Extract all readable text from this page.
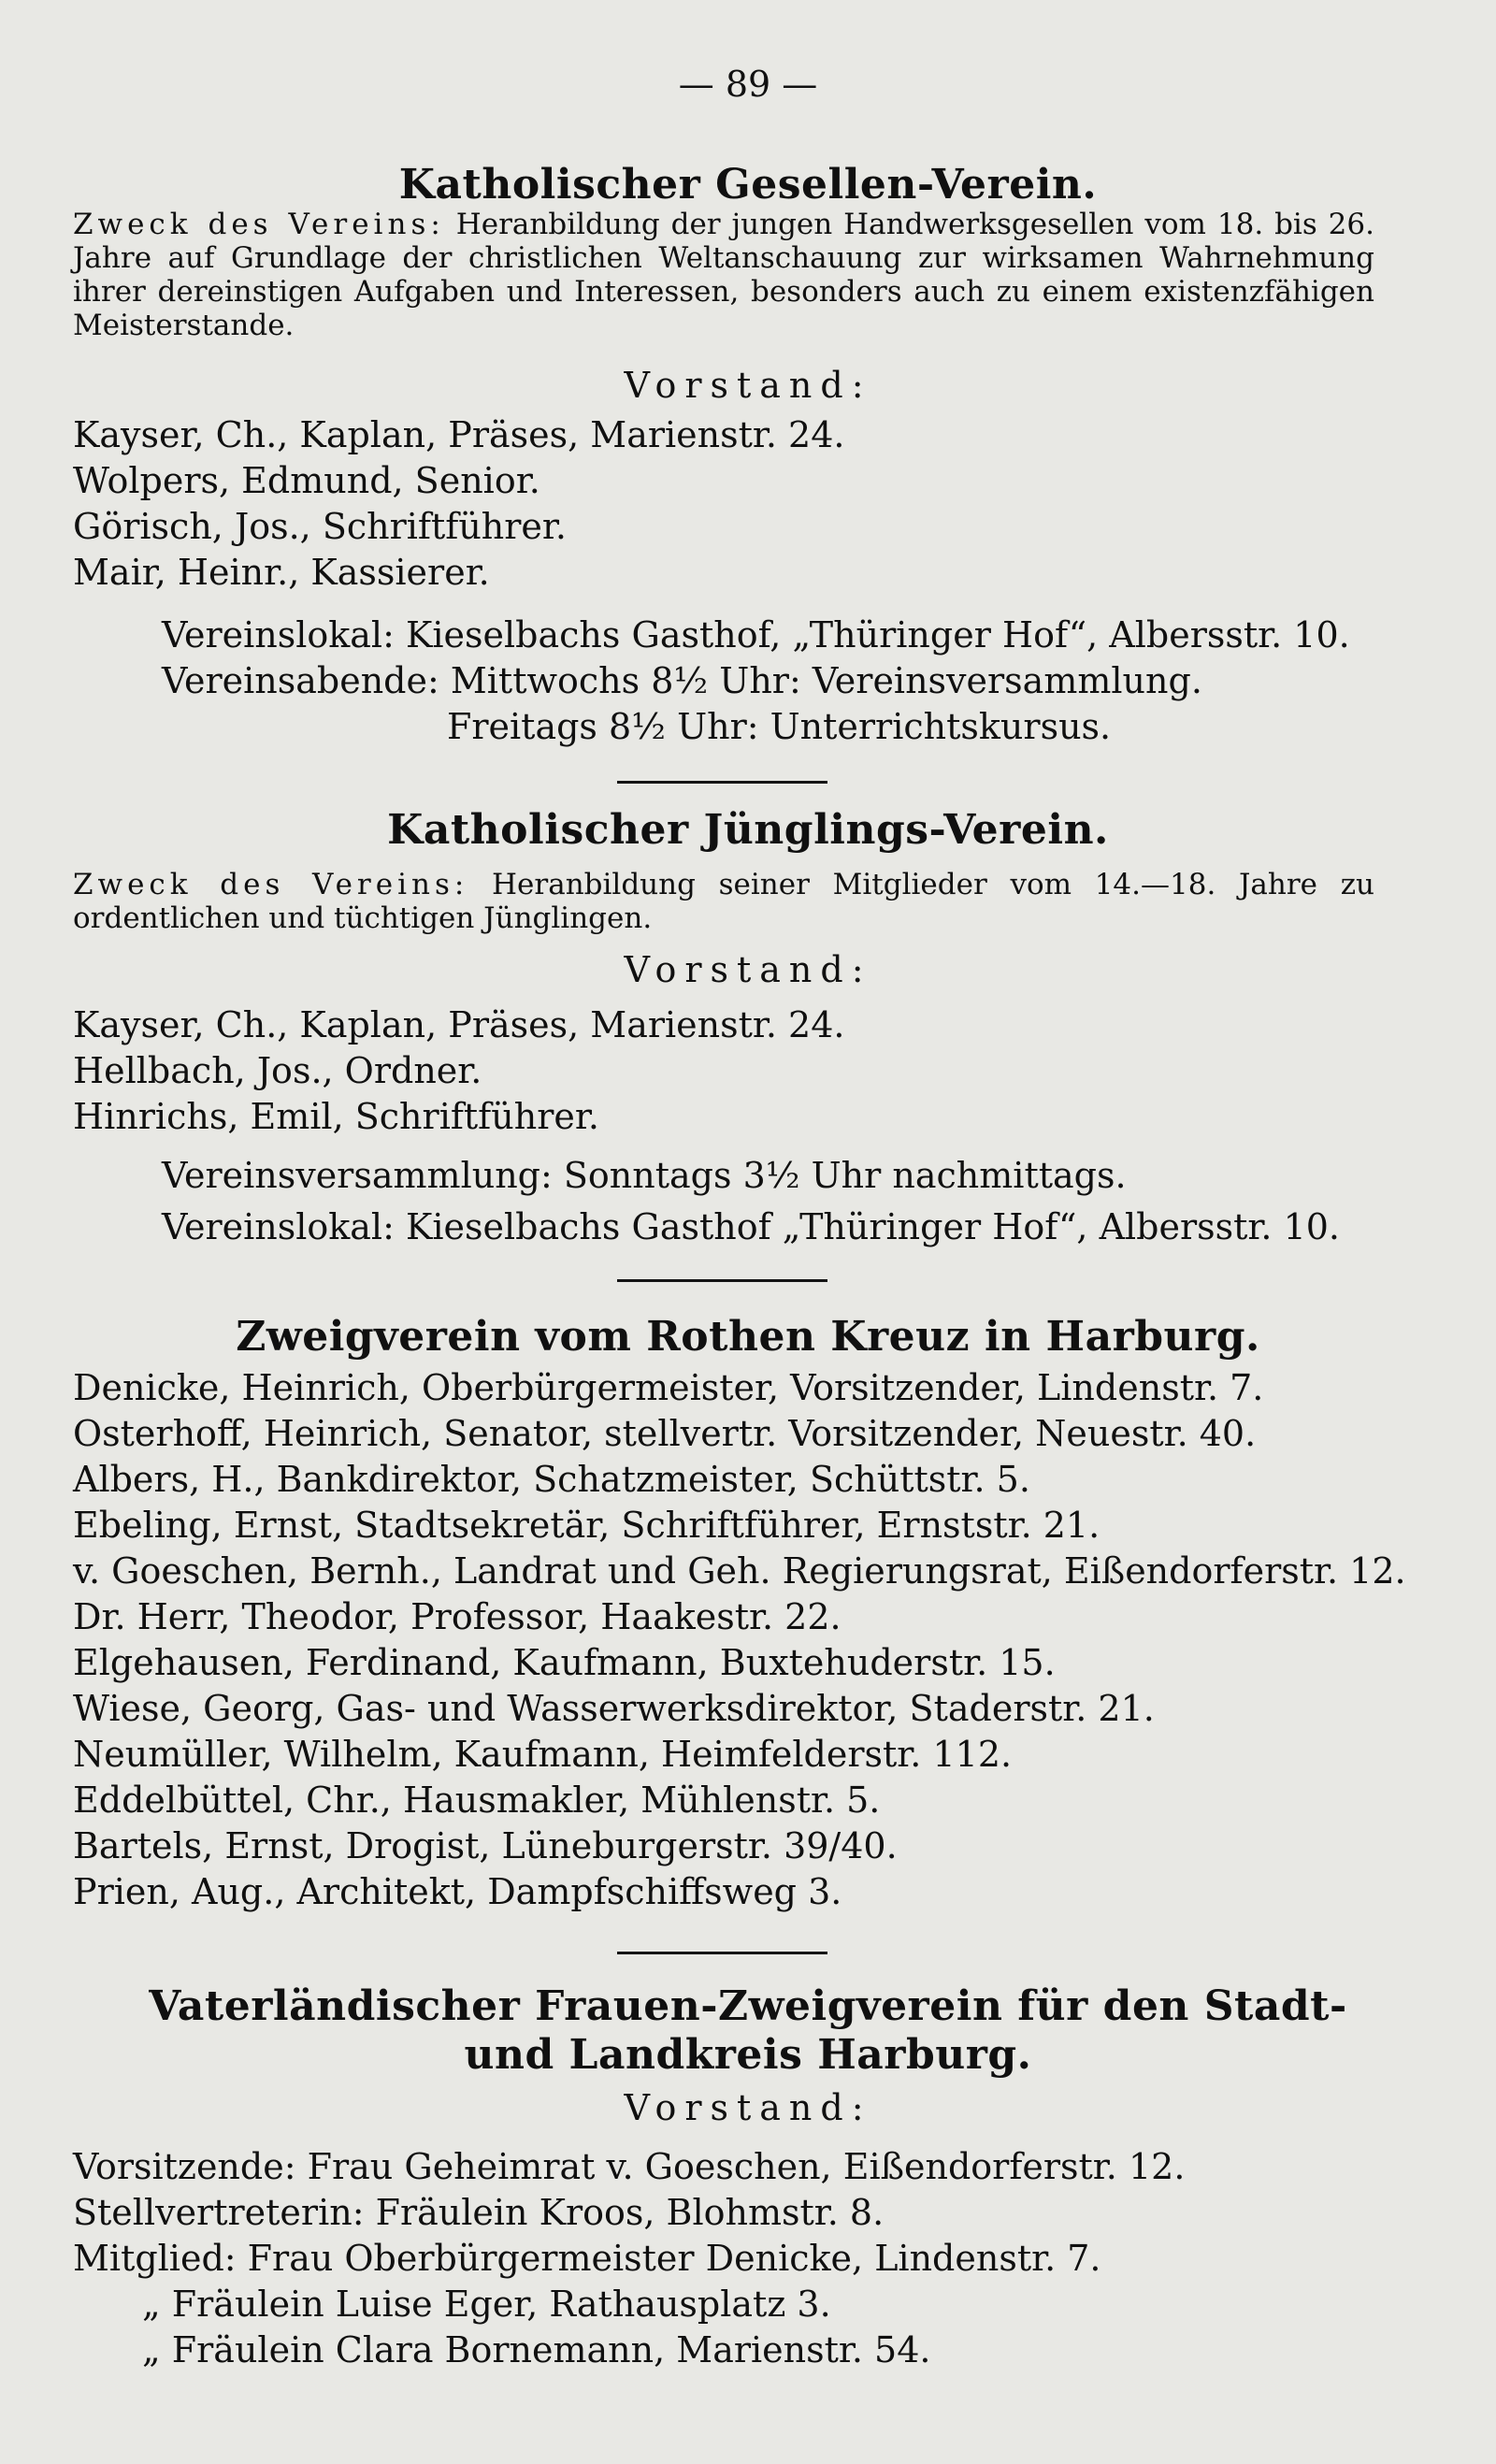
— 89 —
Katholischer Gesellen-Verein.
Zweck des Vereins: Heranbildung der jungen Handwerksgesellen vom 18. bis 26. Jahre auf Grundlage der christlichen Weltanschauung zur wirksamen Wahrnehmung ihrer dereinstigen Aufgaben und Interessen, besonders auch zu einem existenzfähigen Meisterstande.
Vorstand:
Kayser, Ch., Kaplan, Präses, Marienstr. 24.
Wolpers, Edmund, Senior.
Görisch, Jos., Schriftführer.
Mair, Heinr., Kassierer.
Vereinslokal: Kieselbachs Gasthof, „Thüringer Hof“, Albersstr. 10.
Vereinsabende: Mittwochs 8½ Uhr: Vereinsversammlung.
Freitags 8½ Uhr: Unterrichtskursus.
Katholischer Jünglings-Verein.
Zweck des Vereins: Heranbildung seiner Mitglieder vom 14.—18. Jahre zu ordentlichen und tüchtigen Jünglingen.
Vorstand:
Kayser, Ch., Kaplan, Präses, Marienstr. 24.
Hellbach, Jos., Ordner.
Hinrichs, Emil, Schriftführer.
Vereinsversammlung: Sonntags 3½ Uhr nachmittags.
Vereinslokal: Kieselbachs Gasthof „Thüringer Hof“, Albersstr. 10.
Zweigverein vom Rothen Kreuz in Harburg.
Denicke, Heinrich, Oberbürgermeister, Vorsitzender, Lindenstr. 7.
Osterhoff, Heinrich, Senator, stellvertr. Vorsitzender, Neuestr. 40.
Albers, H., Bankdirektor, Schatzmeister, Schüttstr. 5.
Ebeling, Ernst, Stadtsekretär, Schriftführer, Ernststr. 21.
v. Goeschen, Bernh., Landrat und Geh. Regierungsrat, Eißendorferstr. 12.
Dr. Herr, Theodor, Professor, Haakestr. 22.
Elgehausen, Ferdinand, Kaufmann, Buxtehuderstr. 15.
Wiese, Georg, Gas- und Wasserwerksdirektor, Staderstr. 21.
Neumüller, Wilhelm, Kaufmann, Heimfelderstr. 112.
Eddelbüttel, Chr., Hausmakler, Mühlenstr. 5.
Bartels, Ernst, Drogist, Lüneburgerstr. 39/40.
Prien, Aug., Architekt, Dampfschiffsweg 3.
Vaterländischer Frauen-Zweigverein für den Stadt-
und Landkreis Harburg.
Vorstand:
Vorsitzende: Frau Geheimrat v. Goeschen, Eißendorferstr. 12.
Stellvertreterin: Fräulein Kroos, Blohmstr. 8.
Mitglied: Frau Oberbürgermeister Denicke, Lindenstr. 7.
„ Fräulein Luise Eger, Rathausplatz 3.
„ Fräulein Clara Bornemann, Marienstr. 54.
